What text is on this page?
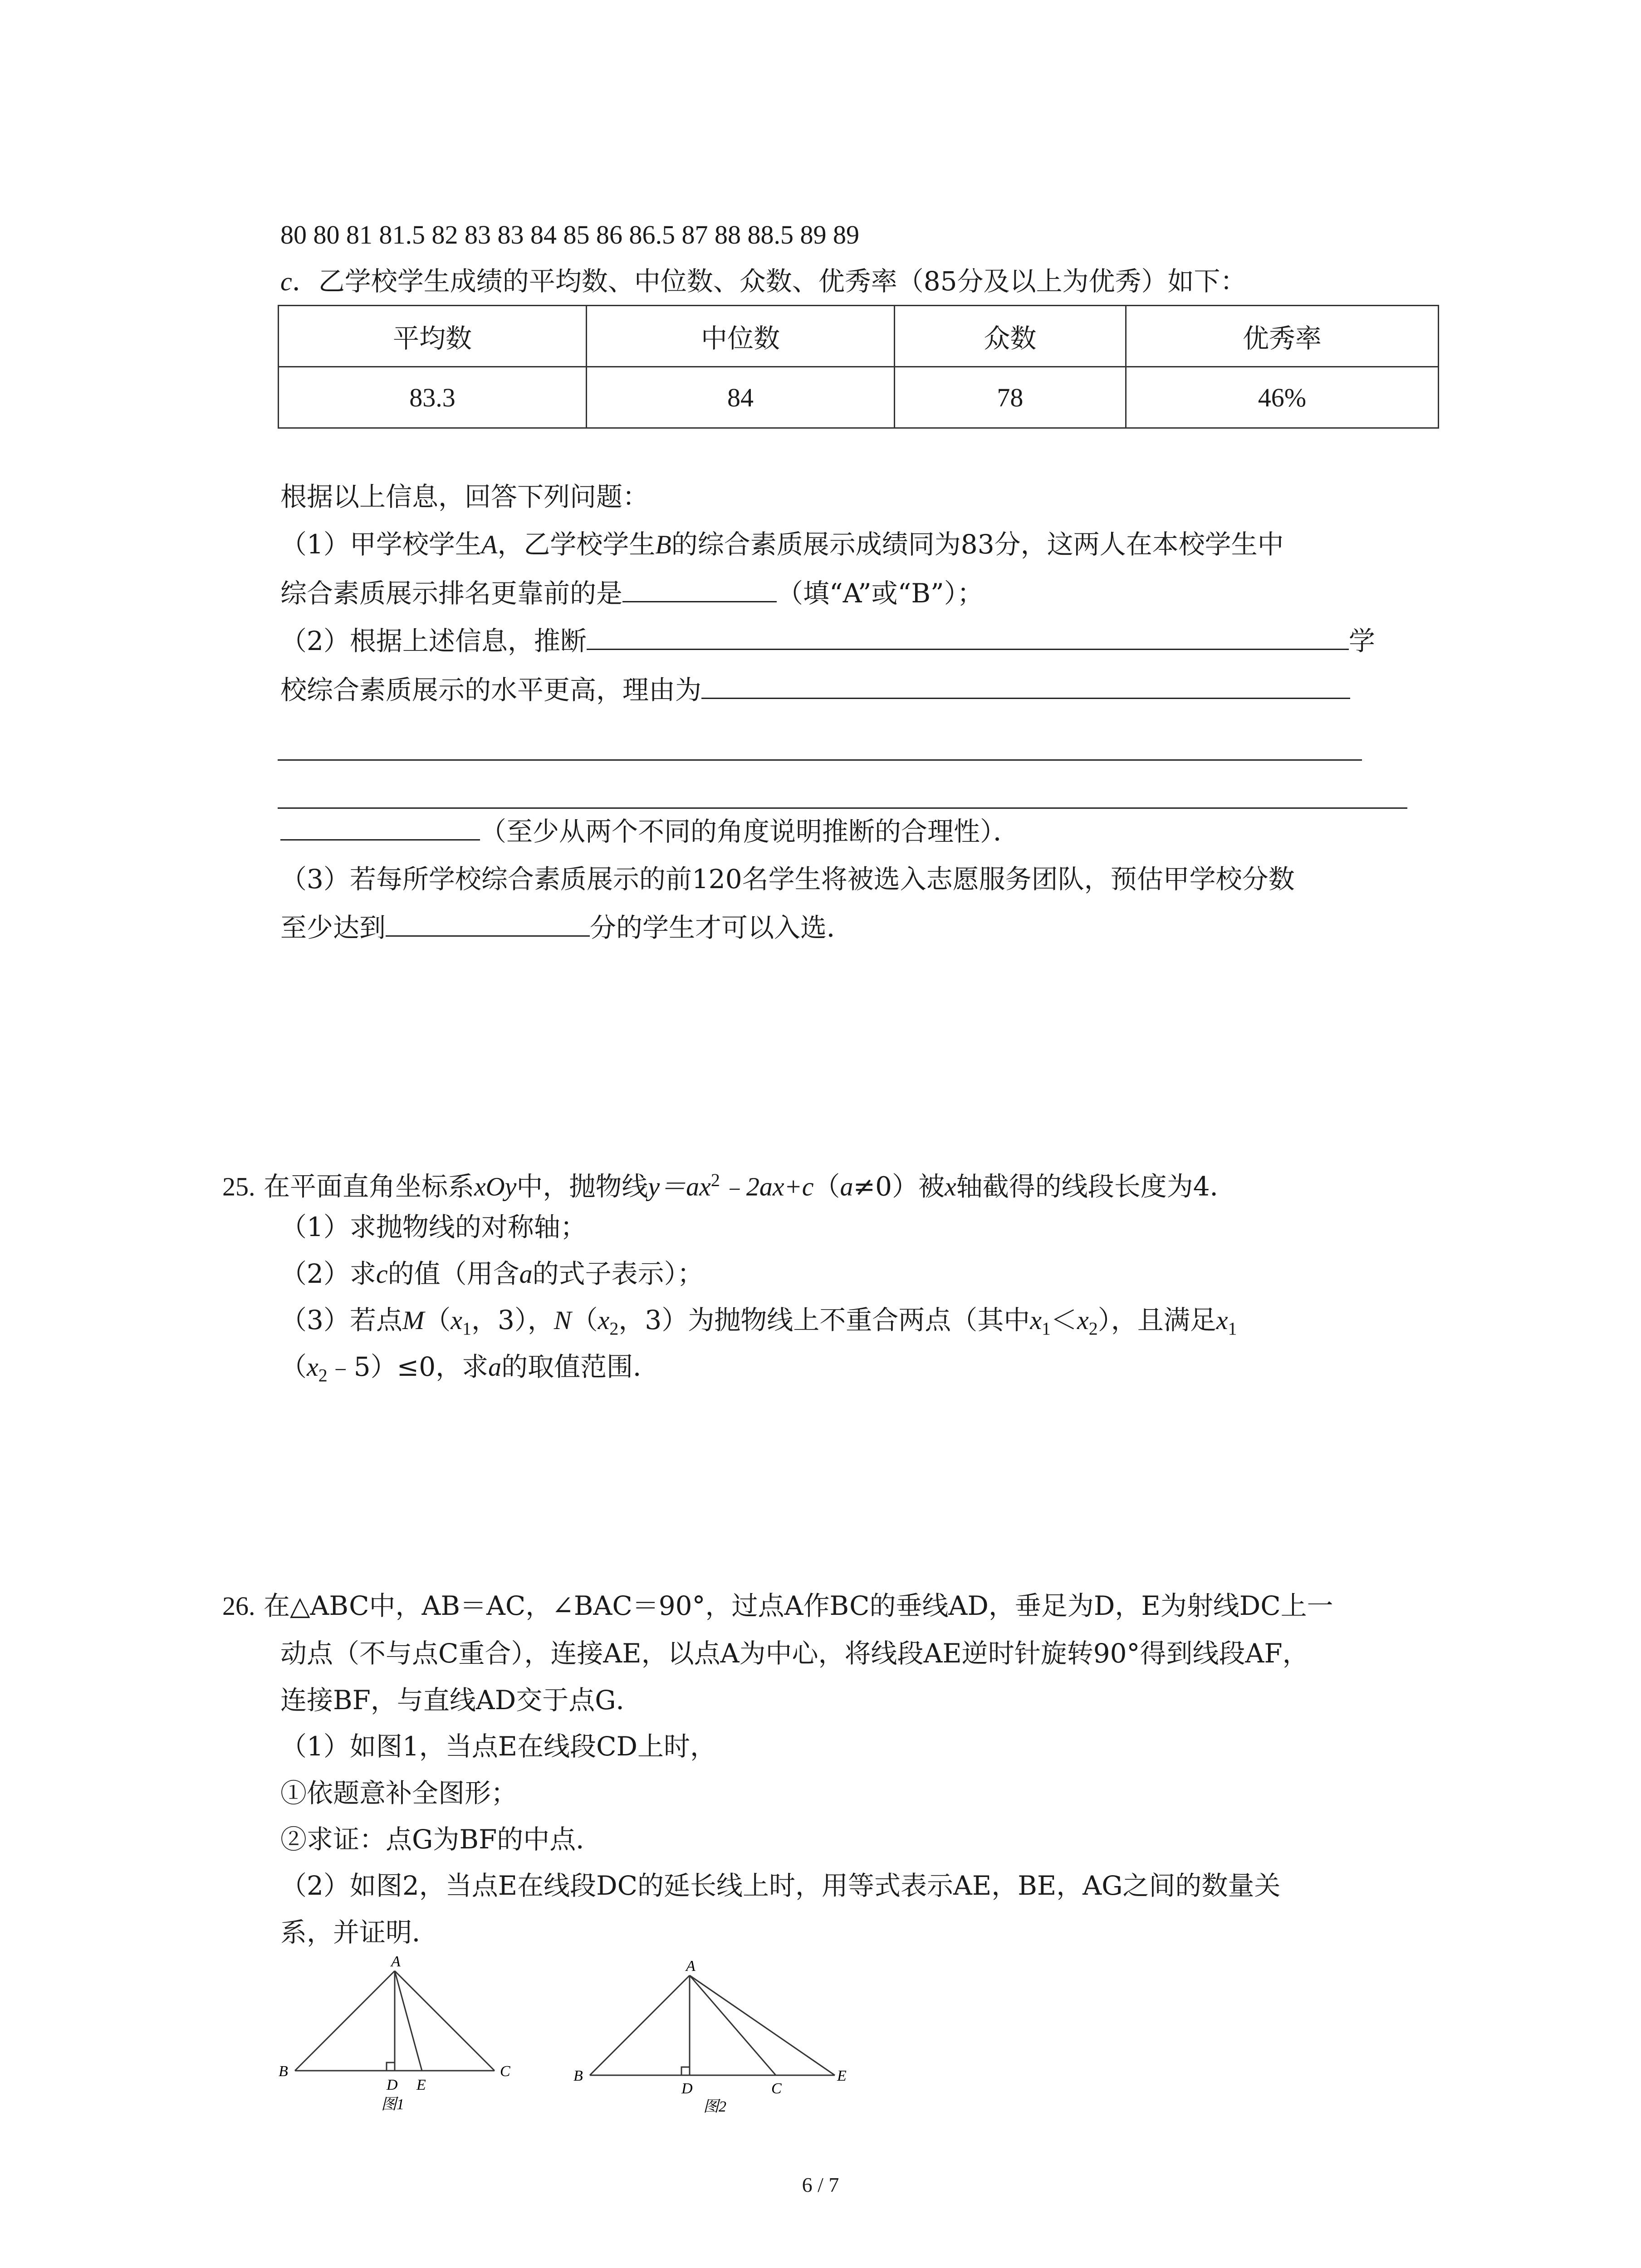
80 80 81 81.5 82 83 83 84 85 86 86.5 87 88 88.5 89 89
c．乙学校学生成绩的平均数、中位数、众数、优秀率（85分及以上为优秀）如下：
平均数	中位数	众数	优秀率
83.3	84	78	46%
根据以上信息，回答下列问题：
（1）甲学校学生A，乙学校学生B的综合素质展示成绩同为83分，这两人在本校学生中
综合素质展示排名更靠前的是	（填“A”或“B”）；
（2）根据上述信息，推断	学
校综合素质展示的水平更高，理由为
（至少从两个不同的角度说明推断的合理性）．
（3）若每所学校综合素质展示的前120名学生将被选入志愿服务团队，预估甲学校分数
至少达到	分的学生才可以入选．
25. 在平面直角坐标系xOy中，抛物线$y=ax^2﹣2ax+c(a\ne 0)$被x轴截得的线段长度为4．
（1）求抛物线的对称轴；
（2）求c的值（用含a的式子表示）；
（3）若点$M(x_1$，3），$N(x_2$，3）为抛物线上不重合两点（其中$x_1<x_2$），且满足$x_1$
$(x_2﹣5)\le 0$，求a的取值范围．
26. 在△ABC中，AB＝AC，∠BAC＝90°，过点A作BC的垂线AD，垂足为D，E为射线DC上一
动点（不与点C重合），连接AE，以点A为中心，将线段AE逆时针旋转90°得到线段AF，
连接BF，与直线AD交于点G．
（1）如图1，当点E在线段CD上时，
①依题意补全图形；
②求证：点G为BF的中点．
（2）如图2，当点E在线段DC的延长线上时，用等式表示AE，BE，AG之间的数量关
系，并证明．
A
B
D E
C
图1
A
B
D	C
E
图2
6 / 7
